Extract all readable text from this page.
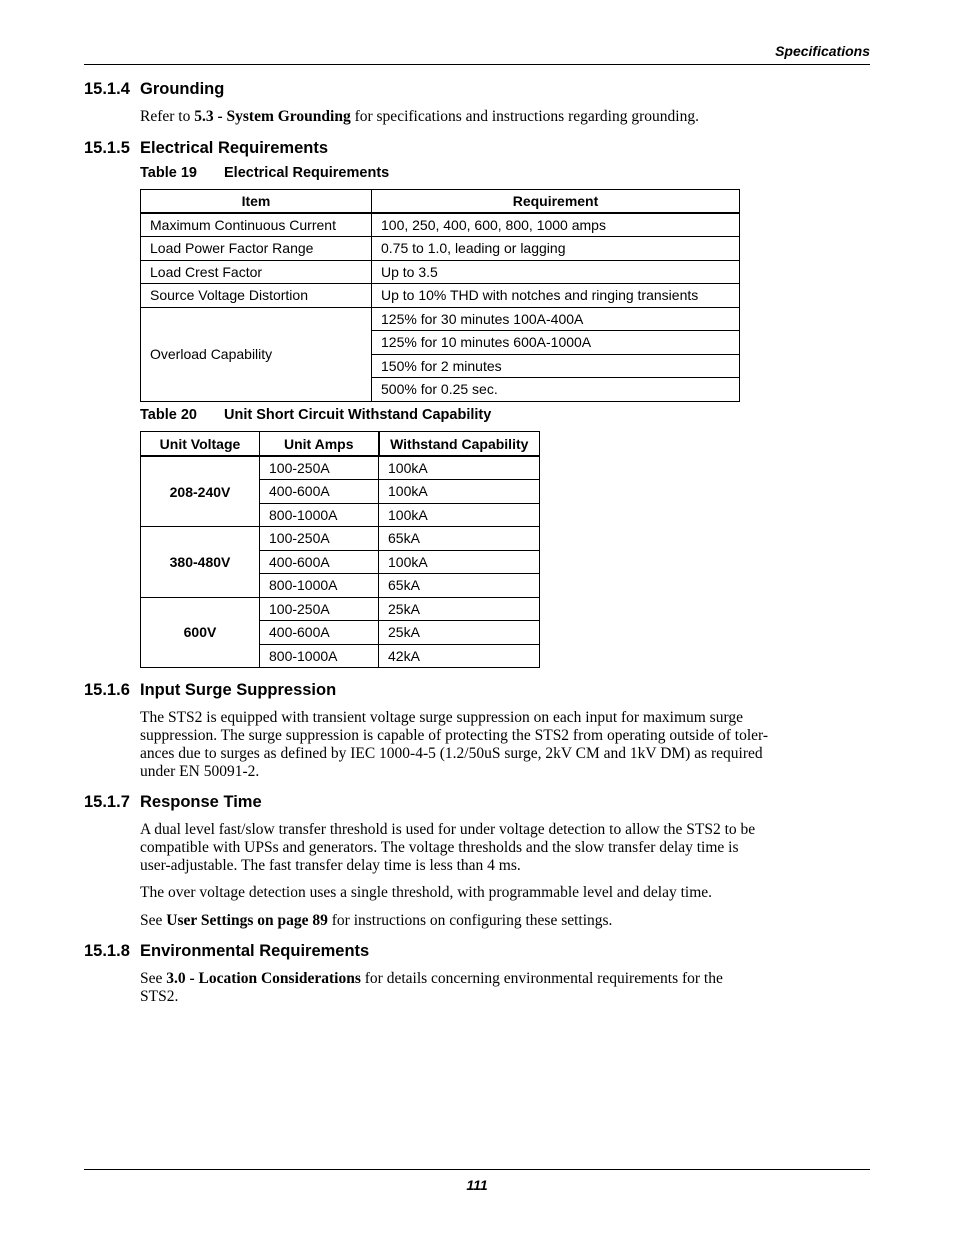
Specifications
15.1.4 Grounding
Refer to 5.3 - System Grounding for specifications and instructions regarding grounding.
15.1.5 Electrical Requirements
Table 19 Electrical Requirements
Item	Requirement
Maximum Continuous Current	100, 250, 400, 600, 800, 1000 amps
Load Power Factor Range	0.75 to 1.0, leading or lagging
Load Crest Factor	Up to 3.5
Source Voltage Distortion	Up to 10% THD with notches and ringing transients
Overload Capability	125% for 30 minutes 100A-400A
	125% for 10 minutes 600A-1000A
	150% for 2 minutes
	500% for 0.25 sec.
Table 20 Unit Short Circuit Withstand Capability
Unit Voltage	Unit Amps	Withstand Capability
208-240V	100-250A	100kA
	400-600A	100kA
	800-1000A	100kA
380-480V	100-250A	65kA
	400-600A	100kA
	800-1000A	65kA
600V	100-250A	25kA
	400-600A	25kA
	800-1000A	42kA
15.1.6 Input Surge Suppression
The STS2 is equipped with transient voltage surge suppression on each input for maximum surge
suppression. The surge suppression is capable of protecting the STS2 from operating outside of toler-
ances due to surges as defined by IEC 1000-4-5 (1.2/50uS surge, 2kV CM and 1kV DM) as required
under EN 50091-2.
15.1.7 Response Time
A dual level fast/slow transfer threshold is used for under voltage detection to allow the STS2 to be
compatible with UPSs and generators. The voltage thresholds and the slow transfer delay time is
user-adjustable. The fast transfer delay time is less than 4 ms.
The over voltage detection uses a single threshold, with programmable level and delay time.
See User Settings on page 89 for instructions on configuring these settings.
15.1.8 Environmental Requirements
See 3.0 - Location Considerations for details concerning environmental requirements for the
STS2.
111
